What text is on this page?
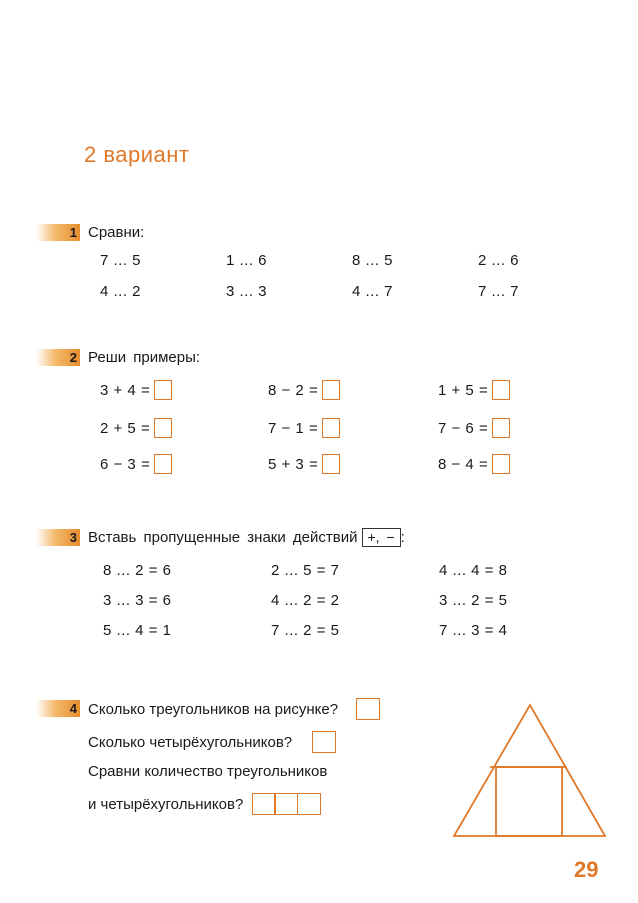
2 вариант
1 Сравни:
7 ... 5	1 ... 6	8 ... 5	2 ... 6
4 ... 2	3 ... 3	4 ... 7	7 ... 7
2 Реши примеры:
3 + 4 =	8 − 2 =	1 + 5 =
2 + 5 =	7 − 1 =	7 − 6 =
6 − 3 =	5 + 3 =	8 − 4 =
3 Вставь пропущенные знаки действий +, − :
8 ... 2 = 6	2 ... 5 = 7	4 ... 4 = 8
3 ... 3 = 6	4 ... 2 = 2	3 ... 2 = 5
5 ... 4 = 1	7 ... 2 = 5	7 ... 3 = 4
4 Сколько треугольников на рисунке?
Сколько четырёхугольников?
Сравни количество треугольников
и четырёхугольников?
29
